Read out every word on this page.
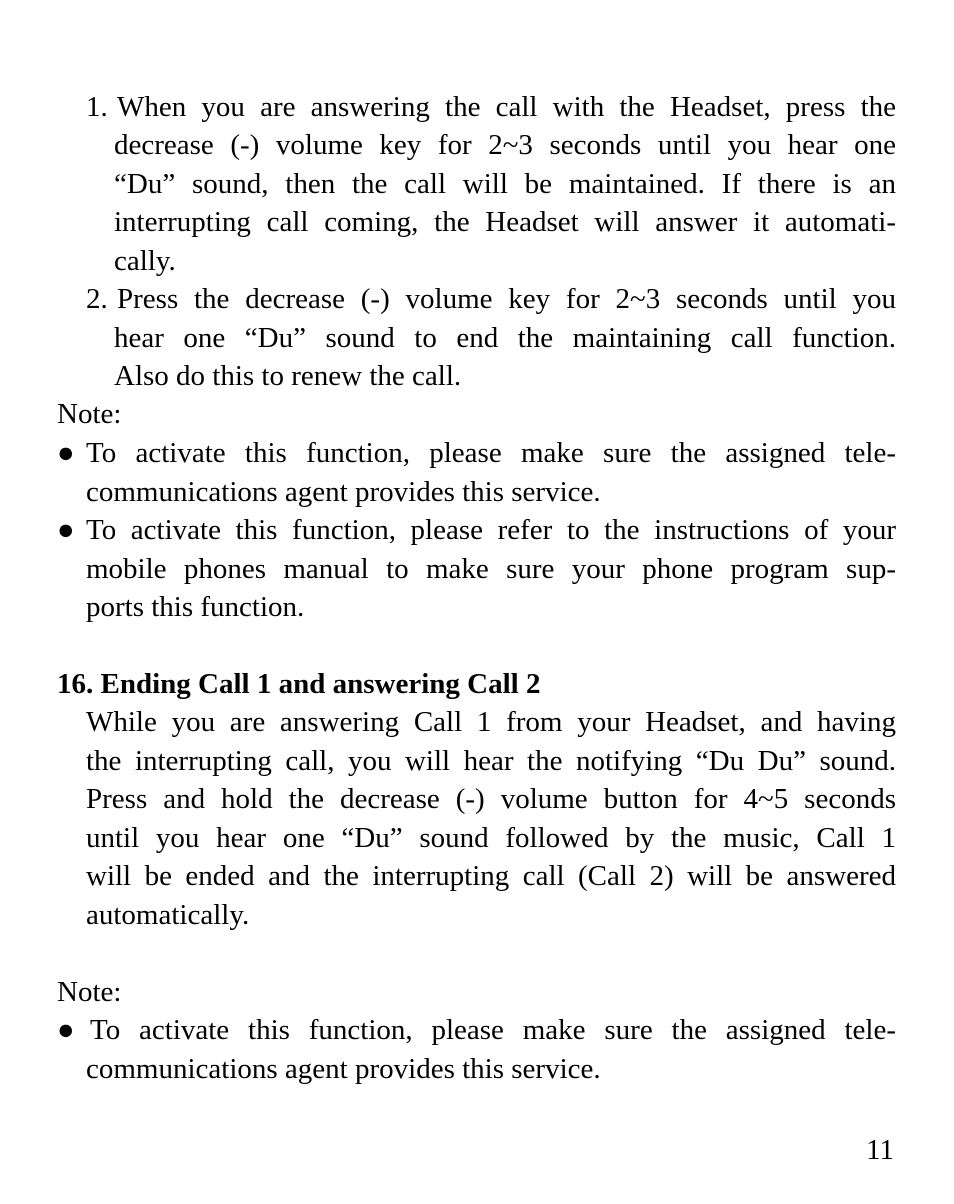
1. When you are answering the call with the Headset, press the
decrease (-) volume key for 2~3 seconds until you hear one
“Du” sound, then the call will be maintained. If there is an
interrupting call coming, the Headset will answer it automati-
cally.
2. Press the decrease (-) volume key for 2~3 seconds until you
hear one “Du” sound to end the maintaining call function.
Also do this to renew the call.
Note:
● To activate this function, please make sure the assigned tele-
communications agent provides this service.
● To activate this function, please refer to the instructions of your
mobile phones manual to make sure your phone program sup-
ports this function.
16. Ending Call 1 and answering Call 2
While you are answering Call 1 from your Headset, and having
the interrupting call, you will hear the notifying “Du Du” sound.
Press and hold the decrease (-) volume button for 4~5 seconds
until you hear one “Du” sound followed by the music, Call 1
will be ended and the interrupting call (Call 2) will be answered
automatically.
Note:
● To activate this function, please make sure the assigned tele-
communications agent provides this service.
11
